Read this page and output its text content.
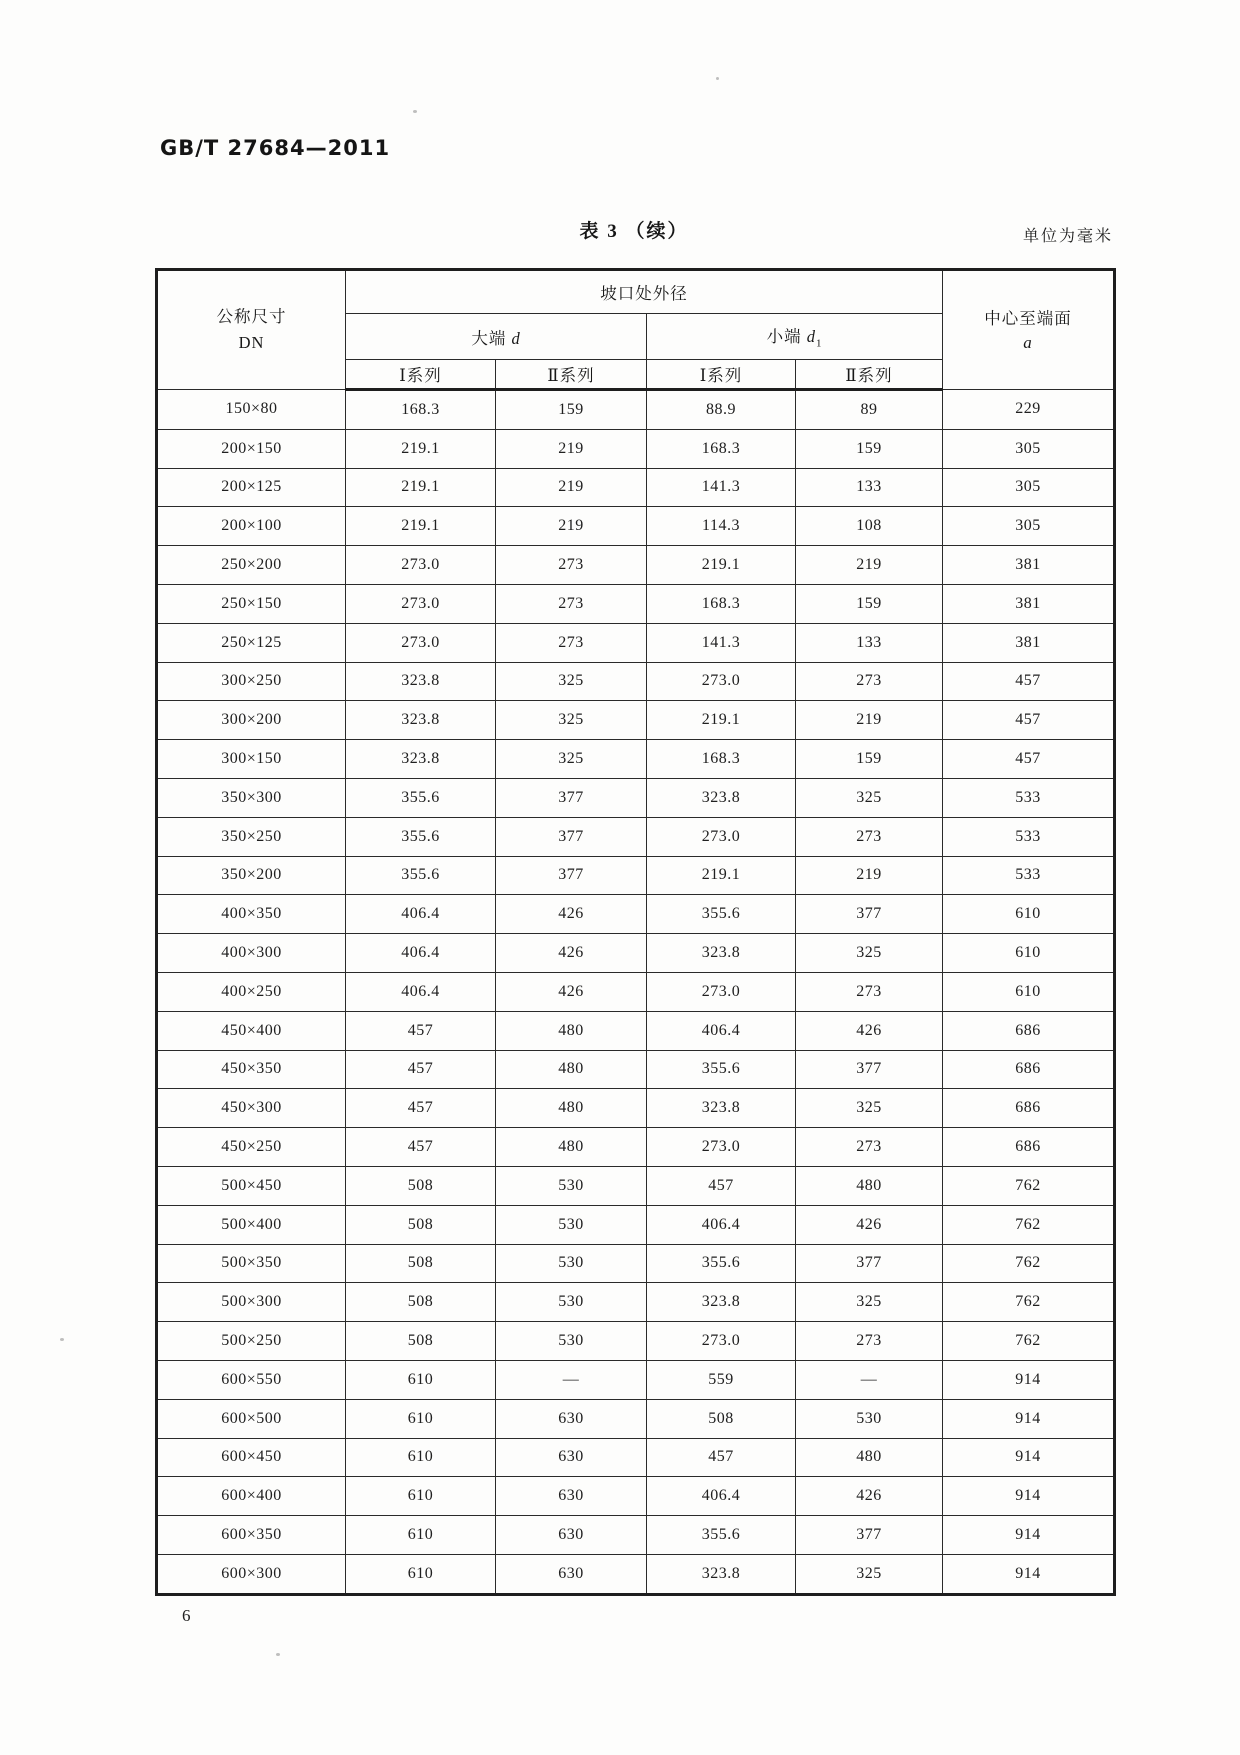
GB/T 27684—2011
表 3 （续）	单位为毫米
公称尺寸
DN
	坡口处外径	
中心至端面
a

	大端 d		小端 $d_1$
	Ⅰ系列	Ⅱ系列	Ⅰ系列	Ⅱ系列	
150×80	168.3	159	88.9	89	229
200×150	219.1	219	168.3	159	305
200×125	219.1	219	141.3	133	305
200×100	219.1	219	114.3	108	305
250×200	273.0	273	219.1	219	381
250×150	273.0	273	168.3	159	381
250×125	273.0	273	141.3	133	381
300×250	323.8	325	273.0	273	457
300×200	323.8	325	219.1	219	457
300×150	323.8	325	168.3	159	457
350×300	355.6	377	323.8	325	533
350×250	355.6	377	273.0	273	533
350×200	355.6	377	219.1	219	533
400×350	406.4	426	355.6	377	610
400×300	406.4	426	323.8	325	610
400×250	406.4	426	273.0	273	610
450×400	457	480	406.4	426	686
450×350	457	480	355.6	377	686
450×300	457	480	323.8	325	686
450×250	457	480	273.0	273	686
500×450	508	530	457	480	762
500×400	508	530	406.4	426	762
500×350	508	530	355.6	377	762
500×300	508	530	323.8	325	762
500×250	508	530	273.0	273	762
600×550	610	—	559	—	914
600×500	610	630	508	530	914
600×450	610	630	457	480	914
600×400	610	630	406.4	426	914
600×350	610	630	355.6	377	914
600×300	610	630	323.8	325	914
6
